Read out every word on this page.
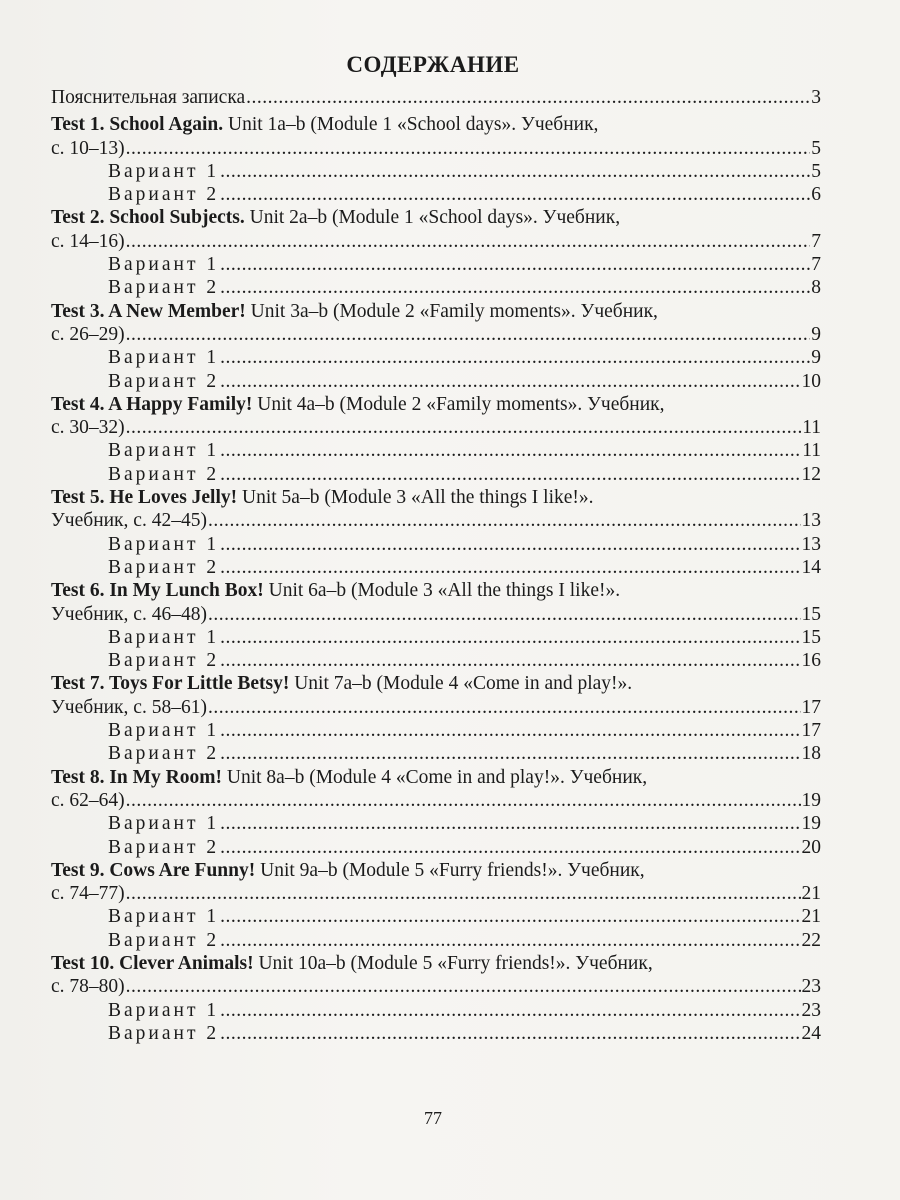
СОДЕРЖАНИЕ
Пояснительная записка .....	3
Test 1. School Again. Unit 1a–b (Module 1 «School days». Учебник,
с. 10–13) .....	5
Вариант 1 .....	5
Вариант 2 .....	6
Test 2. School Subjects. Unit 2a–b (Module 1 «School days». Учебник,
с. 14–16) .....	7
Вариант 1 .....	7
Вариант 2 .....	8
Test 3. A New Member! Unit 3a–b (Module 2 «Family moments». Учебник,
с. 26–29) .....	9
Вариант 1 .....	9
Вариант 2 .....	10
Test 4. A Happy Family! Unit 4a–b (Module 2 «Family moments». Учебник,
с. 30–32) .....	11
Вариант 1 .....	11
Вариант 2 .....	12
Test 5. He Loves Jelly! Unit 5a–b (Module 3 «All the things I like!».
Учебник, с. 42–45) .....	13
Вариант 1 .....	13
Вариант 2 .....	14
Test 6. In My Lunch Box! Unit 6a–b (Module 3 «All the things I like!».
Учебник, с. 46–48) .....	15
Вариант 1 .....	15
Вариант 2 .....	16
Test 7. Toys For Little Betsy! Unit 7a–b (Module 4 «Come in and play!».
Учебник, с. 58–61) .....	17
Вариант 1 .....	17
Вариант 2 .....	18
Test 8. In My Room! Unit 8a–b (Module 4 «Come in and play!». Учебник,
с. 62–64) .....	19
Вариант 1 .....	19
Вариант 2 .....	20
Test 9. Cows Are Funny! Unit 9a–b (Module 5 «Furry friends!». Учебник,
с. 74–77) .....	21
Вариант 1 .....	21
Вариант 2 .....	22
Test 10. Clever Animals! Unit 10a–b (Module 5 «Furry friends!». Учебник,
с. 78–80) .....	23
Вариант 1 .....	23
Вариант 2 .....	24
77
